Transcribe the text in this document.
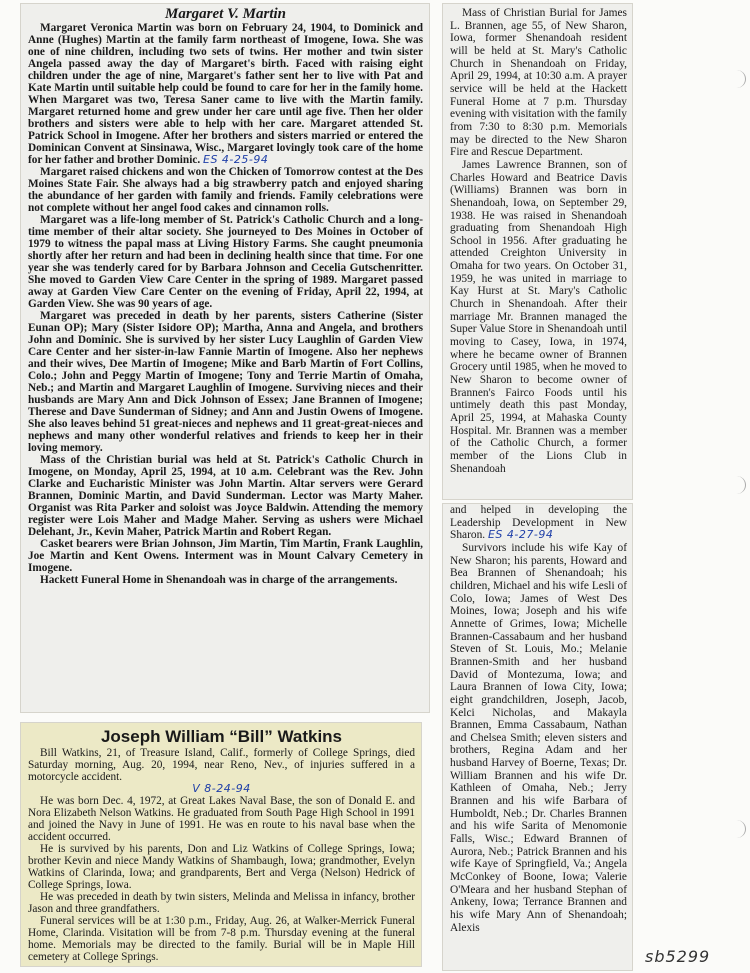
Margaret V. Martin

Margaret Veronica Martin was born on February 24, 1904, to Dominick and Anne (Hughes) Martin at the family farm northeast of Imogene, Iowa. She was one of nine children, including two sets of twins. Her mother and twin sister Angela passed away the day of Margaret's birth. Faced with raising eight children under the age of nine, Margaret's father sent her to live with Pat and Kate Martin until suitable help could be found to care for her in the family home. When Margaret was two, Teresa Saner came to live with the Martin family. Margaret returned home and grew under her care until age five. Then her older brothers and sisters were able to help with her care. Margaret attended St. Patrick School in Imogene. After her brothers and sisters married or entered the Dominican Convent at Sinsinawa, Wisc., Margaret lovingly took care of the home for her father and brother Dominic. ES 4-25-94

Margaret raised chickens and won the Chicken of Tomorrow contest at the Des Moines State Fair. She always had a big strawberry patch and enjoyed sharing the abundance of her garden with family and friends. Family celebrations were not complete without her angel food cakes and cinnamon rolls.

Margaret was a life-long member of St. Patrick's Catholic Church and a long-time member of their altar society. She journeyed to Des Moines in October of 1979 to witness the papal mass at Living History Farms. She caught pneumonia shortly after her return and had been in declining health since that time. For one year she was tenderly cared for by Barbara Johnson and Cecelia Gutschenritter. She moved to Garden View Care Center in the spring of 1989. Margaret passed away at Garden View Care Center on the evening of Friday, April 22, 1994, at Garden View. She was 90 years of age.

Margaret was preceded in death by her parents, sisters Catherine (Sister Eunan OP); Mary (Sister Isidore OP); Martha, Anna and Angela, and brothers John and Dominic. She is survived by her sister Lucy Laughlin of Garden View Care Center and her sister-in-law Fannie Martin of Imogene. Also her nephews and their wives, Dee Martin of Imogene; Mike and Barb Martin of Fort Collins, Colo.; John and Peggy Martin of Imogene; Tony and Terrie Martin of Omaha, Neb.; and Martin and Margaret Laughlin of Imogene. Surviving nieces and their husbands are Mary Ann and Dick Johnson of Essex; Jane Brannen of Imogene; Therese and Dave Sunderman of Sidney; and Ann and Justin Owens of Imogene. She also leaves behind 51 great-nieces and nephews and 11 great-great-nieces and nephews and many other wonderful relatives and friends to keep her in their loving memory.

Mass of the Christian burial was held at St. Patrick's Catholic Church in Imogene, on Monday, April 25, 1994, at 10 a.m. Celebrant was the Rev. John Clarke and Eucharistic Minister was John Martin. Altar servers were Gerard Brannen, Dominic Martin, and David Sunderman. Lector was Marty Maher. Organist was Rita Parker and soloist was Joyce Baldwin. Attending the memory register were Lois Maher and Madge Maher. Serving as ushers were Michael Delehant, Jr., Kevin Maher, Patrick Martin and Robert Regan.

Casket bearers were Brian Johnson, Jim Martin, Tim Martin, Frank Laughlin, Joe Martin and Kent Owens. Interment was in Mount Calvary Cemetery in Imogene.

Hackett Funeral Home in Shenandoah was in charge of the arrangements.

Joseph William “Bill” Watkins

Bill Watkins, 21, of Treasure Island, Calif., formerly of College Springs, died Saturday morning, Aug. 20, 1994, near Reno, Nev., of injuries suffered in a motorcycle accident.

V 8-24-94

He was born Dec. 4, 1972, at Great Lakes Naval Base, the son of Donald E. and Nora Elizabeth Nelson Watkins. He graduated from South Page High School in 1991 and joined the Navy in June of 1991. He was en route to his naval base when the accident occurred.

He is survived by his parents, Don and Liz Watkins of College Springs, Iowa; brother Kevin and niece Mandy Watkins of Shambaugh, Iowa; grandmother, Evelyn Watkins of Clarinda, Iowa; and grandparents, Bert and Verga (Nelson) Hedrick of College Springs, Iowa.

He was preceded in death by twin sisters, Melinda and Melissa in infancy, brother Jason and three grandfathers.

Funeral services will be at 1:30 p.m., Friday, Aug. 26, at Walker-Merrick Funeral Home, Clarinda. Visitation will be from 7-8 p.m. Thursday evening at the funeral home. Memorials may be directed to the family. Burial will be in Maple Hill cemetery at College Springs.

Mass of Christian Burial for James L. Brannen, age 55, of New Sharon, Iowa, former Shenandoah resident will be held at St. Mary's Catholic Church in Shenandoah on Friday, April 29, 1994, at 10:30 a.m. A prayer service will be held at the Hackett Funeral Home at 7 p.m. Thursday evening with visitation with the family from 7:30 to 8:30 p.m. Memorials may be directed to the New Sharon Fire and Rescue Department.

James Lawrence Brannen, son of Charles Howard and Beatrice Davis (Williams) Brannen was born in Shenandoah, Iowa, on September 29, 1938. He was raised in Shenandoah graduating from Shenandoah High School in 1956. After graduating he attended Creighton University in Omaha for two years. On October 31, 1959, he was united in marriage to Kay Hurst at St. Mary's Catholic Church in Shenandoah. After their marriage Mr. Brannen managed the Super Value Store in Shenandoah until moving to Casey, Iowa, in 1974, where he became owner of Brannen Grocery until 1985, when he moved to New Sharon to become owner of Brannen's Fairco Foods until his untimely death this past Monday, April 25, 1994, at Mahaska County Hospital. Mr. Brannen was a member of the Catholic Church, a former member of the Lions Club in Shenandoah

and helped in developing the Leadership Development in New Sharon. ES 4-27-94

Survivors include his wife Kay of New Sharon; his parents, Howard and Bea Brannen of Shenandoah; his children, Michael and his wife Lesli of Colo, Iowa; James of West Des Moines, Iowa; Joseph and his wife Annette of Grimes, Iowa; Michelle Brannen-Cassabaum and her husband Steven of St. Louis, Mo.; Melanie Brannen-Smith and her husband David of Montezuma, Iowa; and Laura Brannen of Iowa City, Iowa; eight grandchildren, Joseph, Jacob, Kelci Nicholas, and Makayla Brannen, Emma Cassabaum, Nathan and Chelsea Smith; eleven sisters and brothers, Regina Adam and her husband Harvey of Boerne, Texas; Dr. William Brannen and his wife Dr. Kathleen of Omaha, Neb.; Jerry Brannen and his wife Barbara of Humboldt, Neb.; Dr. Charles Brannen and his wife Sarita of Menomonie Falls, Wisc.; Edward Brannen of Aurora, Neb.; Patrick Brannen and his wife Kaye of Springfield, Va.; Angela McConkey of Boone, Iowa; Valerie O'Meara and her husband Stephan of Ankeny, Iowa; Terrance Brannen and his wife Mary Ann of Shenandoah; Alexis

sb5299
